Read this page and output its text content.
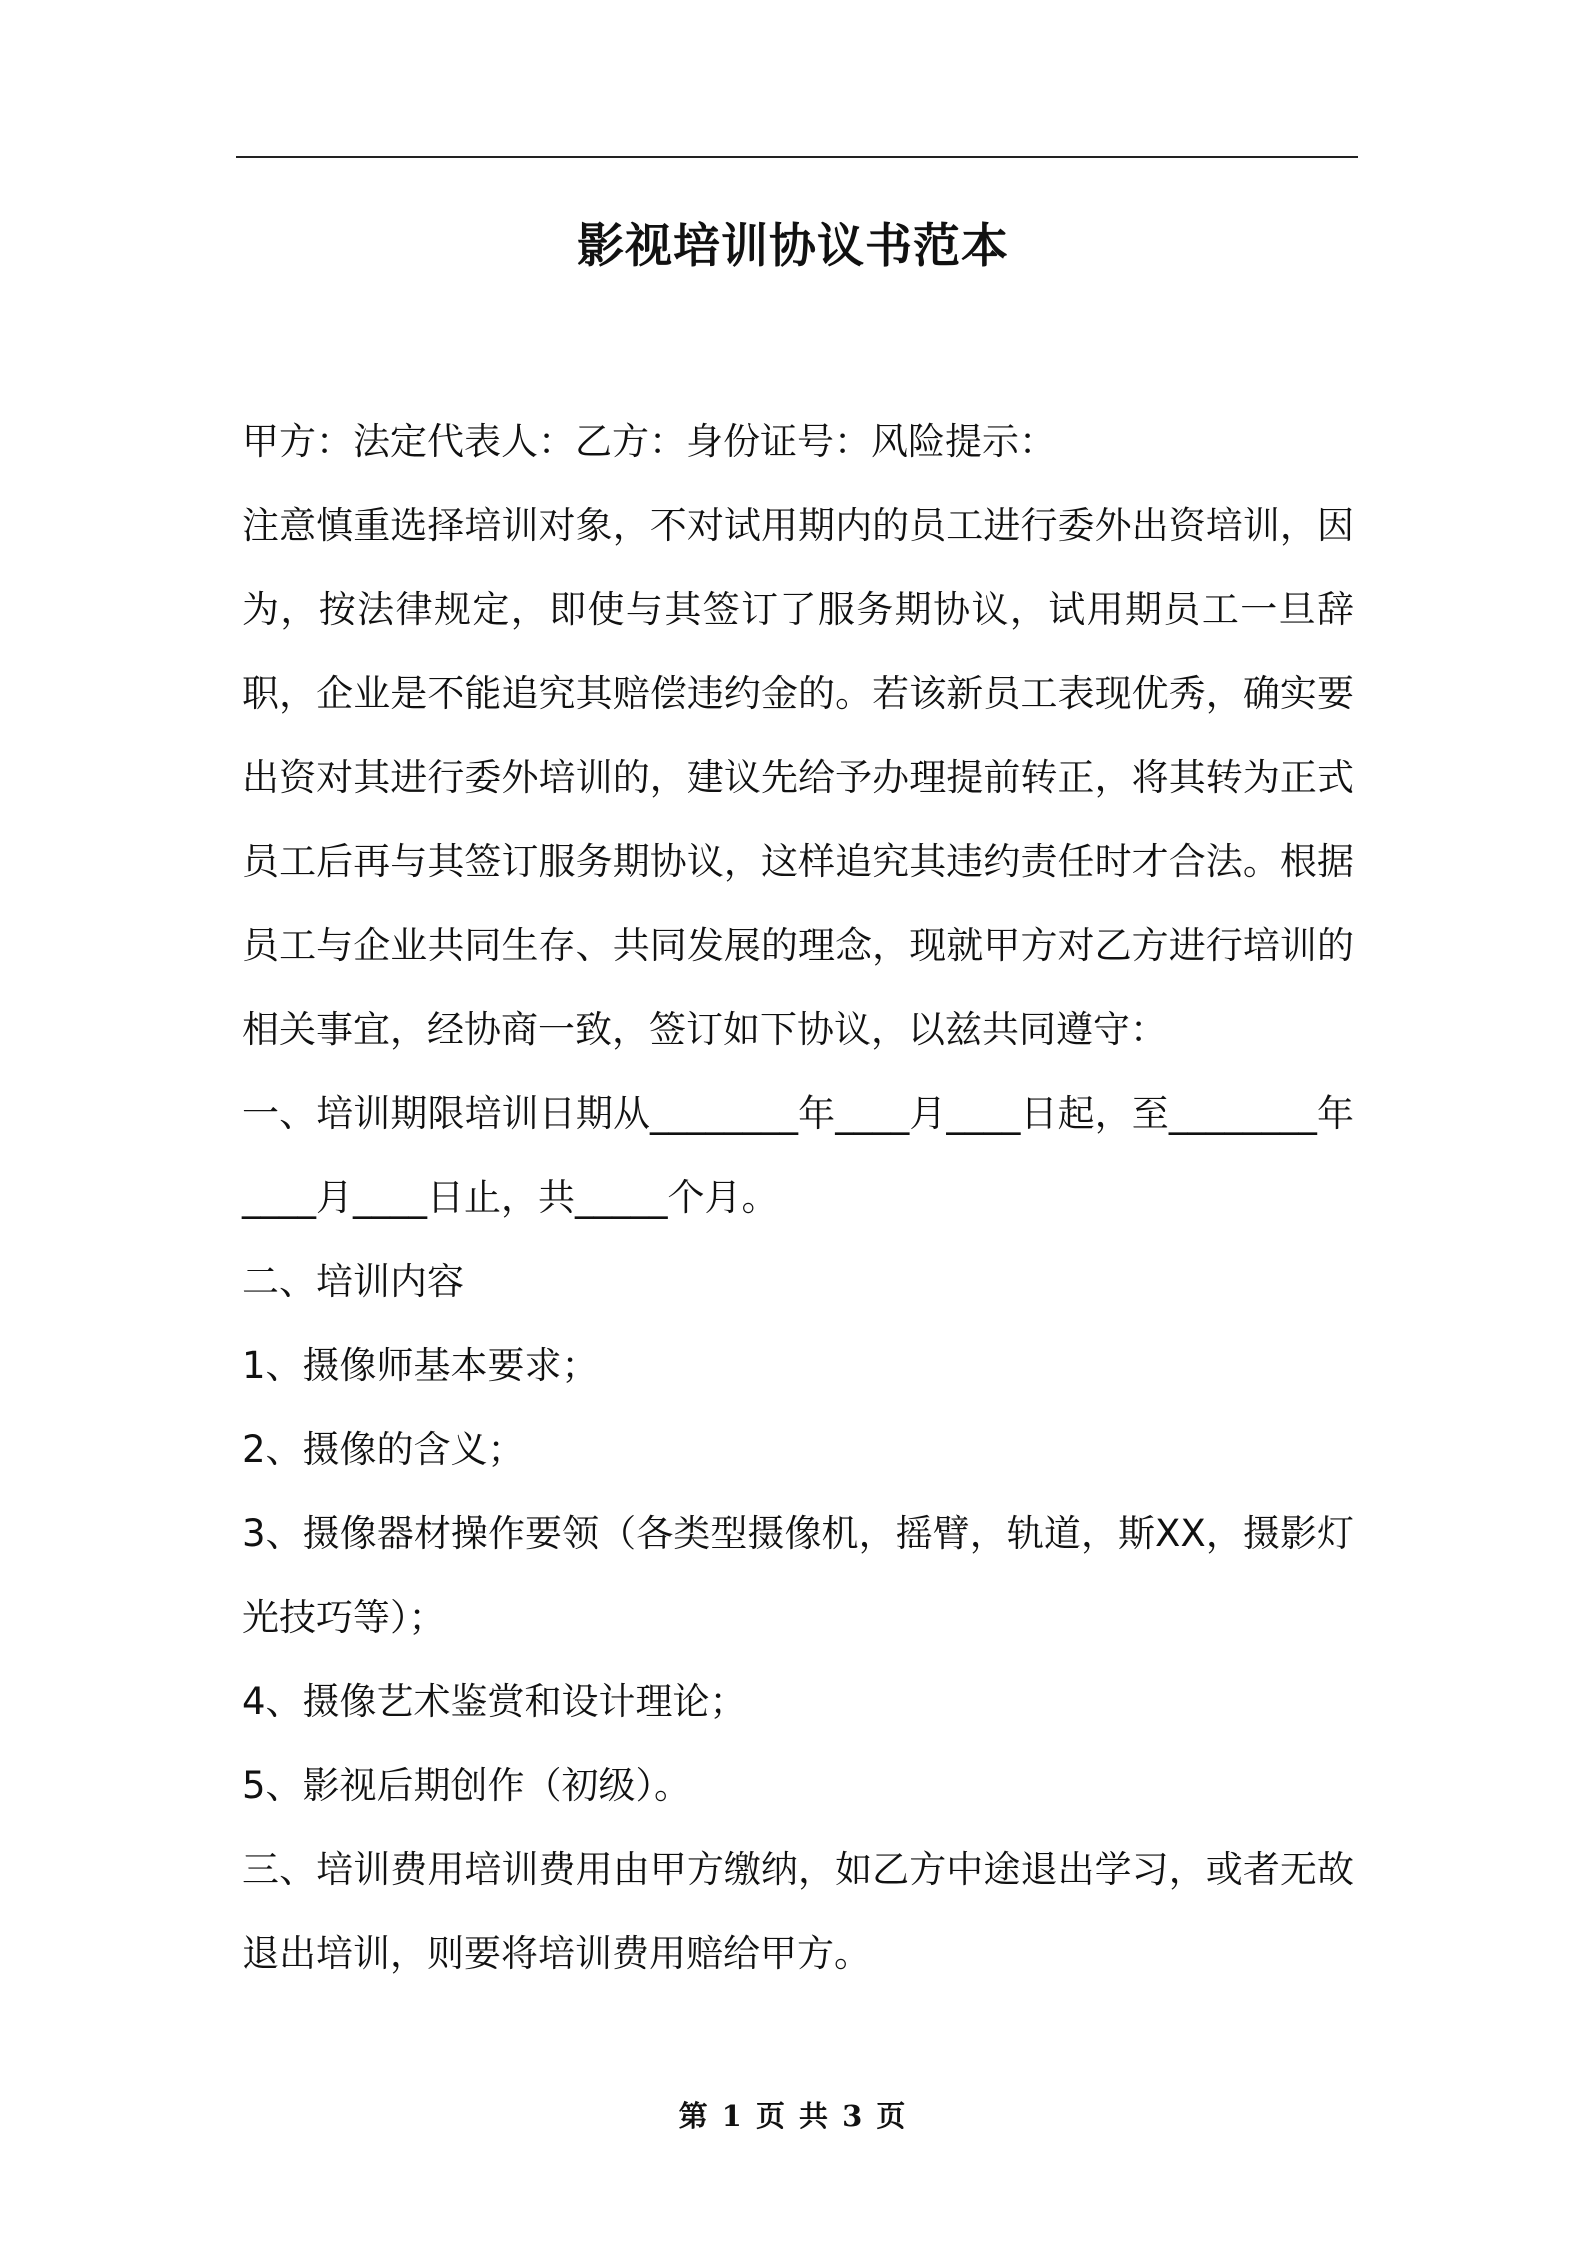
影视培训协议书范本

甲方：法定代表人：乙方：身份证号：风险提示：

注意慎重选择培训对象，不对试用期内的员工进行委外出资培训，因为，按法律规定，即使与其签订了服务期协议，试用期员工一旦辞职，企业是不能追究其赔偿违约金的。若该新员工表现优秀，确实要出资对其进行委外培训的，建议先给予办理提前转正，将其转为正式员工后再与其签订服务期协议，这样追究其违约责任时才合法。根据员工与企业共同生存、共同发展的理念，现就甲方对乙方进行培训的相关事宜，经协商一致，签订如下协议，以兹共同遵守：

一、培训期限培训日期从________年____月____日起，至________年____月____日止，共_____个月。

二、培训内容

1、摄像师基本要求；

2、摄像的含义；

3、摄像器材操作要领（各类型摄像机，摇臂，轨道，斯XX，摄影灯光技巧等）；

4、摄像艺术鉴赏和设计理论；

5、影视后期创作（初级）。

三、培训费用培训费用由甲方缴纳，如乙方中途退出学习，或者无故退出培训，则要将培训费用赔给甲方。

第 1 页 共 3 页
